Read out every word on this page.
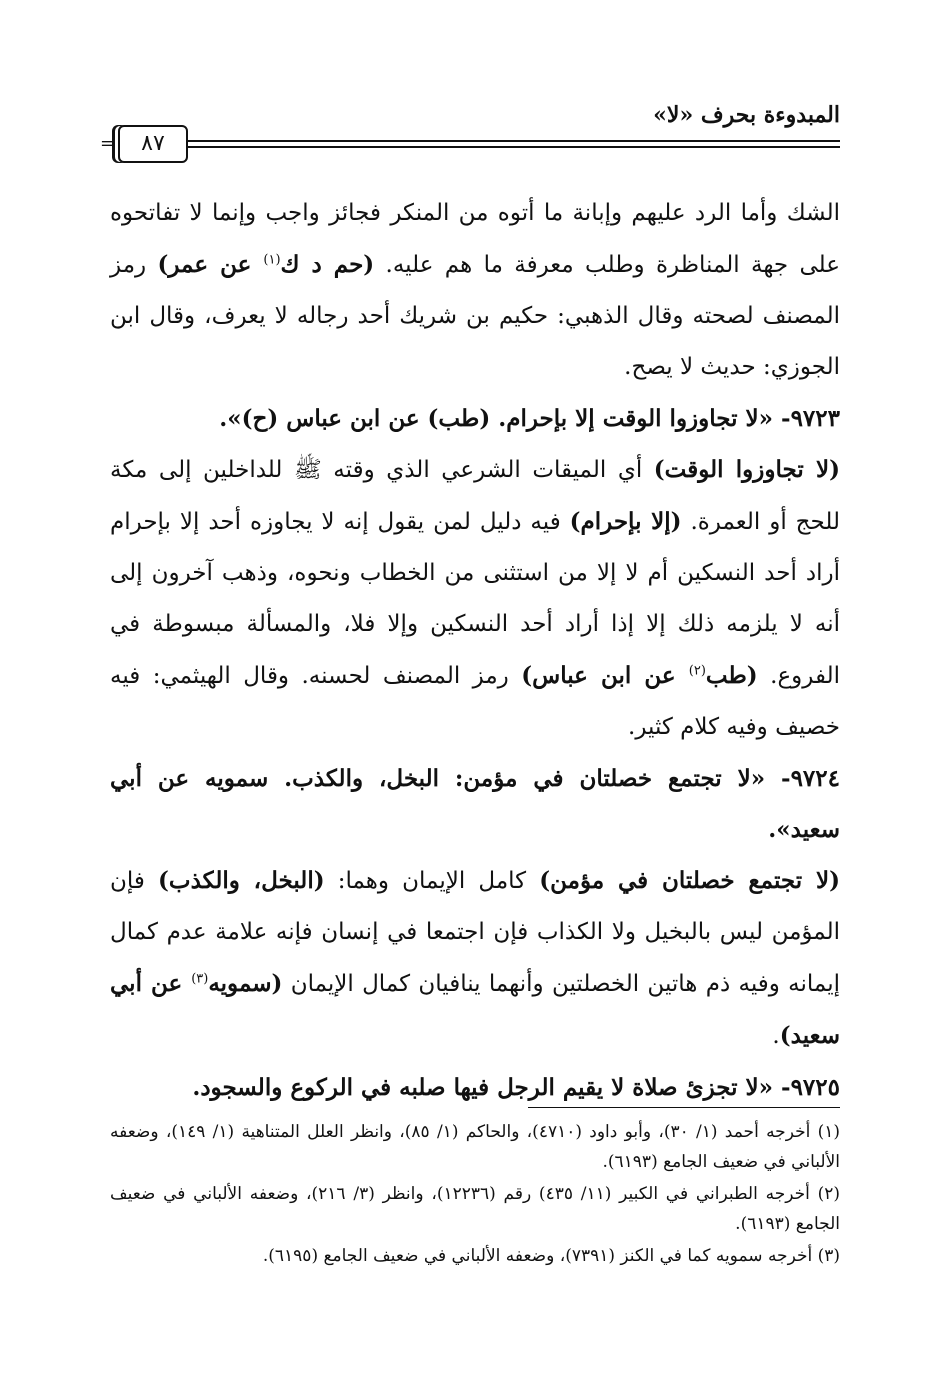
المبدوءة بحرف «لا»
=	٨٧

الشك وأما الرد عليهم وإبانة ما أتوه من المنكر فجائز واجب وإنما لا تفاتحوه على جهة المناظرة وطلب معرفة ما هم عليه. (حم د ك$^{(١)}$ عن عمر) رمز المصنف لصحته وقال الذهبي: حكيم بن شريك أحد رجاله لا يعرف، وقال ابن الجوزي: حديث لا يصح.

٩٧٢٣- «لا تجاوزوا الوقت إلا بإحرام. (طب) عن ابن عباس (ح)».

(لا تجاوزوا الوقت) أي الميقات الشرعي الذي وقته ﷺ للداخلين إلى مكة للحج أو العمرة. (إلا بإحرام) فيه دليل لمن يقول إنه لا يجاوزه أحد إلا بإحرام أراد أحد النسكين أم لا إلا من استثنى من الخطاب ونحوه، وذهب آخرون إلى أنه لا يلزمه ذلك إلا إذا أراد أحد النسكين وإلا فلا، والمسألة مبسوطة في الفروع. (طب$^{(٢)}$ عن ابن عباس) رمز المصنف لحسنه. وقال الهيثمي: فيه خصيف وفيه كلام كثير.

٩٧٢٤- «لا تجتمع خصلتان في مؤمن: البخل، والكذب. سمويه عن أبي سعيد».

(لا تجتمع خصلتان في مؤمن) كامل الإيمان وهما: (البخل، والكذب) فإن المؤمن ليس بالبخيل ولا الكذاب فإن اجتمعا في إنسان فإنه علامة عدم كمال إيمانه وفيه ذم هاتين الخصلتين وأنهما ينافيان كمال الإيمان (سمويه$^{(٣)}$ عن أبي سعيد).

٩٧٢٥- «لا تجزئ صلاة لا يقيم الرجل فيها صلبه في الركوع والسجود.

(١) أخرجه أحمد (١/ ٣٠)، وأبو داود (٤٧١٠)، والحاكم (١/ ٨٥)، وانظر العلل المتناهية (١/ ١٤٩)، وضعفه الألباني في ضعيف الجامع (٦١٩٣).

(٢) أخرجه الطبراني في الكبير (١١/ ٤٣٥) رقم (١٢٢٣٦)، وانظر (٣/ ٢١٦)، وضعفه الألباني في ضعيف الجامع (٦١٩٣).

(٣) أخرجه سمويه كما في الكنز (٧٣٩١)، وضعفه الألباني في ضعيف الجامع (٦١٩٥).
